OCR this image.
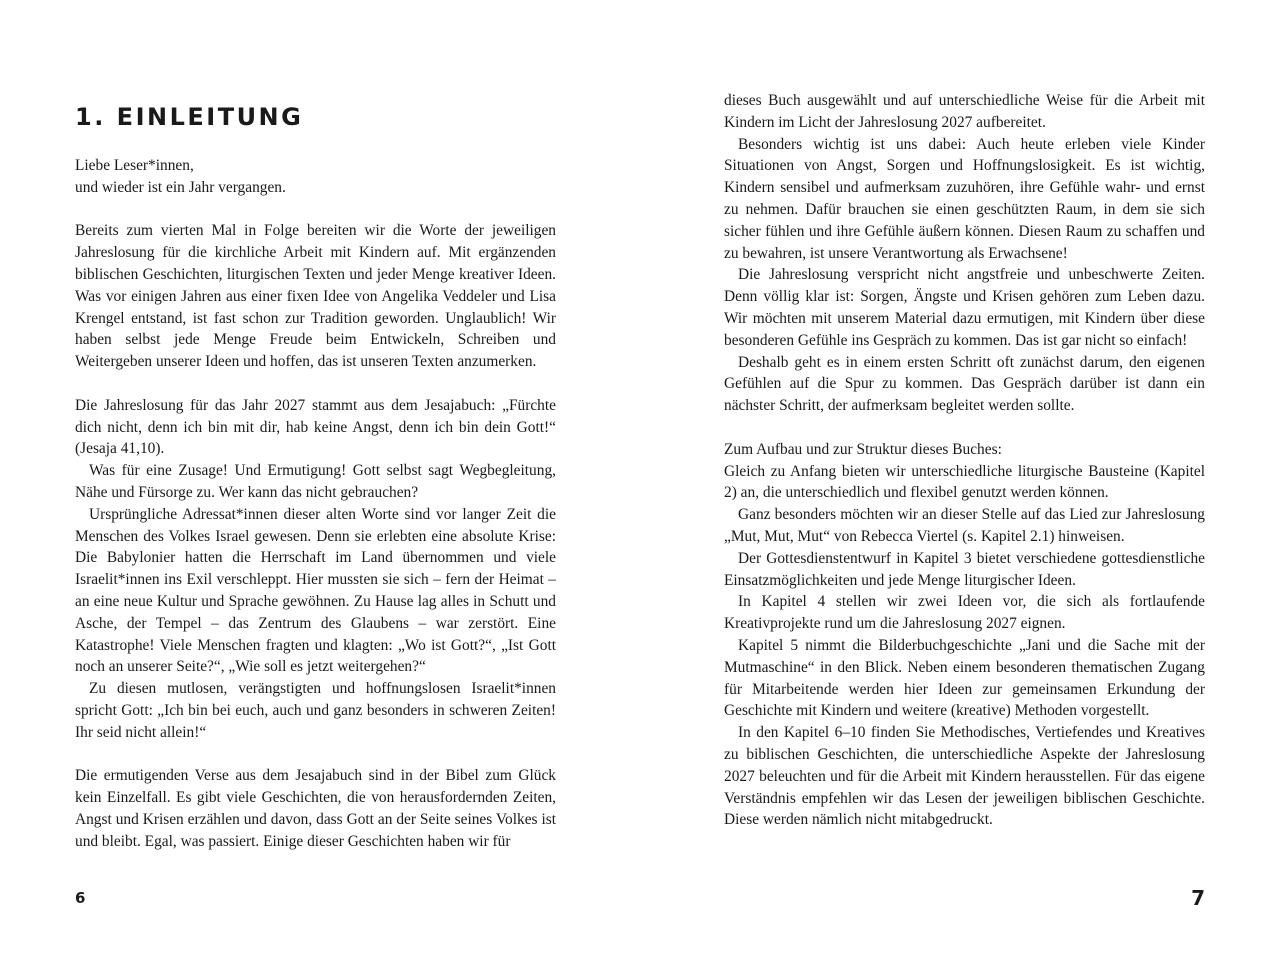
1. EINLEITUNG

Liebe Leser*innen,

und wieder ist ein Jahr vergangen.

Bereits zum vierten Mal in Folge bereiten wir die Worte der jeweiligen Jahreslosung für die kirchliche Arbeit mit Kindern auf. Mit ergänzenden biblischen Geschichten, liturgischen Texten und jeder Menge kreativer Ideen. Was vor einigen Jahren aus einer fixen Idee von Angelika Veddeler und Lisa Krengel entstand, ist fast schon zur Tradition geworden. Unglaublich! Wir haben selbst jede Menge Freude beim Entwickeln, Schreiben und Weitergeben unserer Ideen und hoffen, das ist unseren Texten anzumerken.

Die Jahreslosung für das Jahr 2027 stammt aus dem Jesajabuch: „Fürchte dich nicht, denn ich bin mit dir, hab keine Angst, denn ich bin dein Gott!“ (Jesaja 41,10).

Was für eine Zusage! Und Ermutigung! Gott selbst sagt Wegbegleitung, Nähe und Fürsorge zu. Wer kann das nicht gebrauchen?

Ursprüngliche Adressat*innen dieser alten Worte sind vor langer Zeit die Menschen des Volkes Israel gewesen. Denn sie erlebten eine absolute Krise: Die Babylonier hatten die Herrschaft im Land übernommen und viele Israelit*innen ins Exil verschleppt. Hier mussten sie sich – fern der Heimat – an eine neue Kultur und Sprache gewöhnen. Zu Hause lag alles in Schutt und Asche, der Tempel – das Zentrum des Glaubens – war zerstört. Eine Katastrophe! Viele Menschen fragten und klagten: „Wo ist Gott?“, „Ist Gott noch an unserer Seite?“, „Wie soll es jetzt weitergehen?“

Zu diesen mutlosen, verängstigten und hoffnungslosen Israelit*innen spricht Gott: „Ich bin bei euch, auch und ganz besonders in schweren Zeiten! Ihr seid nicht allein!“

Die ermutigenden Verse aus dem Jesajabuch sind in der Bibel zum Glück kein Einzelfall. Es gibt viele Geschichten, die von herausfordernden Zeiten, Angst und Krisen erzählen und davon, dass Gott an der Seite seines Volkes ist und bleibt. Egal, was passiert. Einige dieser Geschichten haben wir für

6

dieses Buch ausgewählt und auf unterschiedliche Weise für die Arbeit mit Kindern im Licht der Jahreslosung 2027 aufbereitet.

Besonders wichtig ist uns dabei: Auch heute erleben viele Kinder Situationen von Angst, Sorgen und Hoffnungslosigkeit. Es ist wichtig, Kindern sensibel und aufmerksam zuzuhören, ihre Gefühle wahr- und ernst zu nehmen. Dafür brauchen sie einen geschützten Raum, in dem sie sich sicher fühlen und ihre Gefühle äußern können. Diesen Raum zu schaffen und zu bewahren, ist unsere Verantwortung als Erwachsene!

Die Jahreslosung verspricht nicht angstfreie und unbeschwerte Zeiten. Denn völlig klar ist: Sorgen, Ängste und Krisen gehören zum Leben dazu. Wir möchten mit unserem Material dazu ermutigen, mit Kindern über diese besonderen Gefühle ins Gespräch zu kommen. Das ist gar nicht so einfach!

Deshalb geht es in einem ersten Schritt oft zunächst darum, den eigenen Gefühlen auf die Spur zu kommen. Das Gespräch darüber ist dann ein nächster Schritt, der aufmerksam begleitet werden sollte.

Zum Aufbau und zur Struktur dieses Buches:

Gleich zu Anfang bieten wir unterschiedliche liturgische Bausteine (Kapitel 2) an, die unterschiedlich und flexibel genutzt werden können.

Ganz besonders möchten wir an dieser Stelle auf das Lied zur Jahreslosung „Mut, Mut, Mut“ von Rebecca Viertel (s. Kapitel 2.1) hinweisen.

Der Gottesdienstentwurf in Kapitel 3 bietet verschiedene gottesdienstliche Einsatzmöglichkeiten und jede Menge liturgischer Ideen.

In Kapitel 4 stellen wir zwei Ideen vor, die sich als fortlaufende Kreativprojekte rund um die Jahreslosung 2027 eignen.

Kapitel 5 nimmt die Bilderbuchgeschichte „Jani und die Sache mit der Mutmaschine“ in den Blick. Neben einem besonderen thematischen Zugang für Mitarbeitende werden hier Ideen zur gemeinsamen Erkundung der Geschichte mit Kindern und weitere (kreative) Methoden vorgestellt.

In den Kapitel 6–10 finden Sie Methodisches, Vertiefendes und Kreatives zu biblischen Geschichten, die unterschiedliche Aspekte der Jahreslosung 2027 beleuchten und für die Arbeit mit Kindern herausstellen. Für das eigene Verständnis empfehlen wir das Lesen der jeweiligen biblischen Geschichte. Diese werden nämlich nicht mitabgedruckt.

7
